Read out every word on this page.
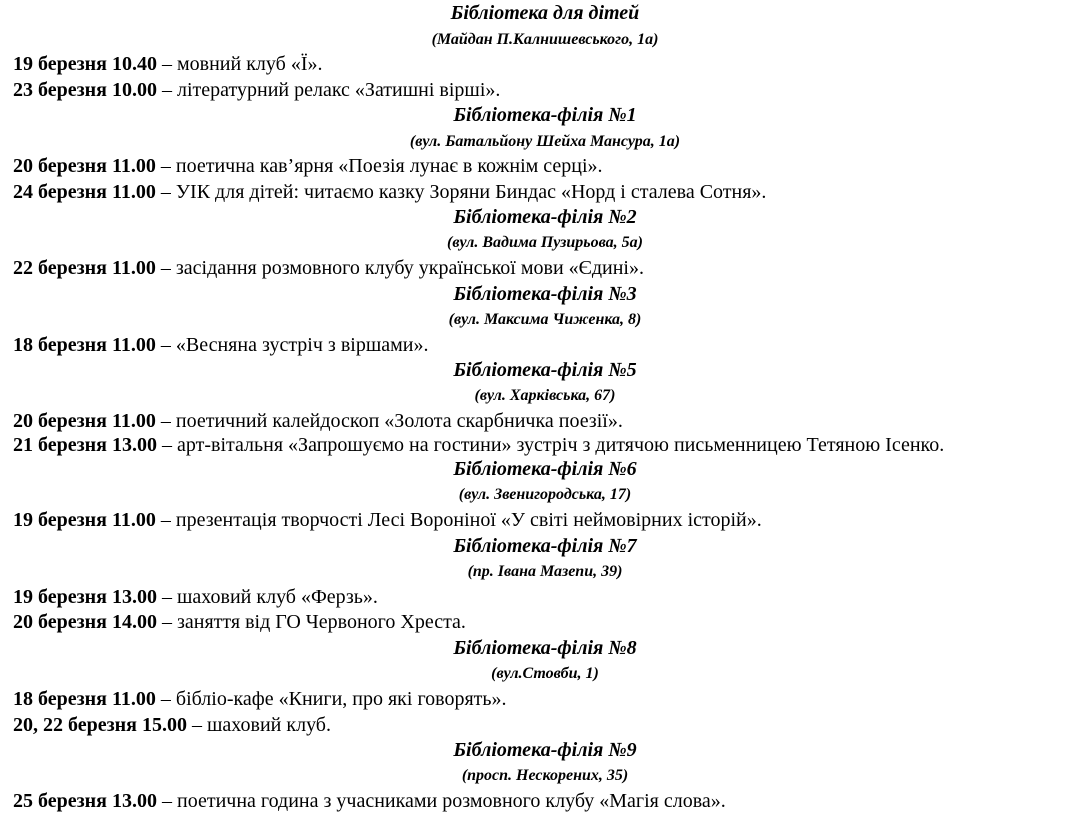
Бібліотека для дітей
(Майдан П.Калнишевського, 1а)
19 березня 10.40 – мовний клуб «Ї».
23 березня 10.00 – літературний релакс «Затишні вірші».
Бібліотека-філія №1
(вул. Батальйону Шейха Мансура, 1а)
20 березня 11.00 – поетична кав’ярня «Поезія лунає в кожнім серці».
24 березня 11.00 – УІК для дітей: читаємо казку Зоряни Биндас «Норд і сталева Сотня».
Бібліотека-філія №2
(вул. Вадима Пузирьова, 5а)
22 березня 11.00 – засідання розмовного клубу української мови «Єдині».
Бібліотека-філія №3
(вул. Максима Чиженка, 8)
18 березня 11.00 – «Весняна зустріч з віршами».
Бібліотека-філія №5
(вул. Харківська, 67)
20 березня 11.00 – поетичний калейдоскоп «Золота скарбничка поезії».
21 березня 13.00 – арт-вітальня «Запрошуємо на гостини» зустріч з дитячою письменницею Тетяною Ісенко.
Бібліотека-філія №6
(вул. Звенигородська, 17)
19 березня 11.00 – презентація творчості Лесі Вороніної «У світі неймовірних історій».
Бібліотека-філія №7
(пр. Івана Мазепи, 39)
19 березня 13.00 – шаховий клуб «Ферзь».
20 березня 14.00 – заняття від ГО Червоного Хреста.
Бібліотека-філія №8
(вул.Стовби, 1)
18 березня 11.00 – бібліо-кафе «Книги, про які говорять».
20, 22 березня 15.00 – шаховий клуб.
Бібліотека-філія №9
(просп. Нескорених, 35)
25 березня 13.00 – поетична година з учасниками розмовного клубу «Магія слова».
